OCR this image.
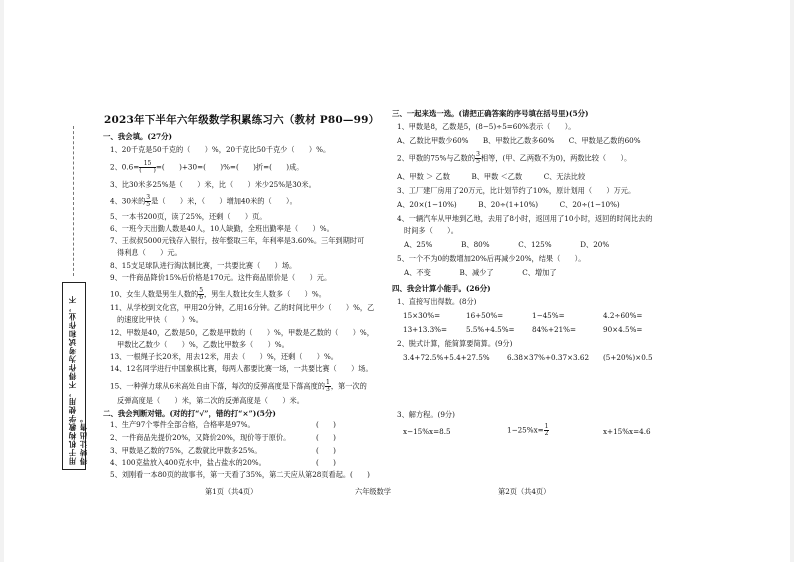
用于机构教学使用，不得作为考试和作业，不得转让出售。
2023年下半年六年级数学积累练习六（教材 P80—99）
一、我会填。(27分)
1、20千克是50千克的（　　）%，20千克比50千克少（　　）%。
2、$0.6= \frac{15}{( )}$ =(　　)+30=(　　)%=(　　)折=(　　)成。
3、比30米多25%是（　　）米，比（　　）米少25%是30米。
4、30米的 $\frac{3}{5}$ 是（　　）米，（　　）增加40米的（　　）。
5、一本书200页，读了25%，还剩（　　）页。
6、一班今天出勤人数是40人，10人缺勤，全班出勤率是（　　）%。
7、王叔叔5000元钱存入银行，按年整取三年，年利率是3.60%。三年到期时可
得利息（　　）元。
8、15支足球队进行淘汰制比赛，一共要比赛（　　）场。
9、一件商品降价15%后价格是170元。这件商品原价是（　　）元。
10、女生人数是男生人数的 $\frac{5}{6}$ ，男生人数比女生人数多（　　）%。
11、从学校到文化宫，甲用20分钟，乙用16分钟。乙的时间比甲少（　　）%，乙
的速度比甲快（　　）%。
12、甲数是40，乙数是50，乙数是甲数的（　　）%，甲数是乙数的（　　）%，
甲数比乙数少（　　）%，乙数比甲数多（　　）%。
13、一根绳子长20米，用去12米，用去（　　）%，还剩（　　）%。
14、12名同学进行中国象棋比赛，每两人都要比赛一场，一共要比赛（　　）场。
15、一种弹力球从6米高处自由下落，每次的反弹高度是下落高度的 $\frac{1}{3}$ ，第一次的
反弹高度是（　　）米，第二次的反弹高度是（　　）米。
二、我会判断对错。(对的打“√”，错的打“×”)(5分)
1、生产97个零件全部合格，合格率是97%。	(　　)
2、一件商品先提价20%，又降价20%，现价等于原价。	(　　)
3、甲数是乙数的75%，乙数就比甲数多25%。	(　　)
4、100克盐放入400克水中，盐占盐水的20%。	(　　)
5、刘刚看一本80页的故事书，第一天看了35%，第二天应从第28页看起。 (　　)
第1页（共4页）	六年级数学
三、一起来选一选。(请把正确答案的序号填在括号里)(5分)
1、甲数是8，乙数是5，(8−5)÷5=60%表示（　　）。
A、乙数比甲数少60%　　B、甲数比乙数多60%　　C、甲数是乙数的60%
2、甲数的75%与乙数的 $\frac{3}{5}$ 相等，(甲、乙两数不为0)，两数比较（　　）。
A、甲数 ＞ 乙数　　　B、甲数 ＜乙数　　　C、无法比较
3、工厂建厂房用了20万元，比计划节约了10%，原计划用（　　）万元。
A、20×(1−10%)　　　B、20÷(1+10%)　　　C、20÷(1−10%)
4、一辆汽车从甲地到乙地，去用了8小时，返回用了10小时，返回的时间比去的
时间多（　　）。
A、25%　　　　B、80%　　　　C、125%　　　　D、20%
5、一个不为0的数增加20%后再减少20%，结果（　　）。
A、不变　　　　B、减少了　　　　C、增加了
四、我会计算小能手。(26分)
1、直接写出得数。(8分)
15×30%=	16+50%=	1−45%=	4.2÷60%=
13+13.3%=	5.5%+4.5%= 84%+21%=	90×4.5%=
2、脱式计算，能简算要简算。(9分)
3.4+72.5%+5.4+27.5% 6.38×37%+0.37×3.62 (5+20%)×0.5
3、解方程。(9分)
x−15%x=8.5	$1-25\%x= \frac{1}{2}$	x+15%x=4.6
第2页（共4页）
